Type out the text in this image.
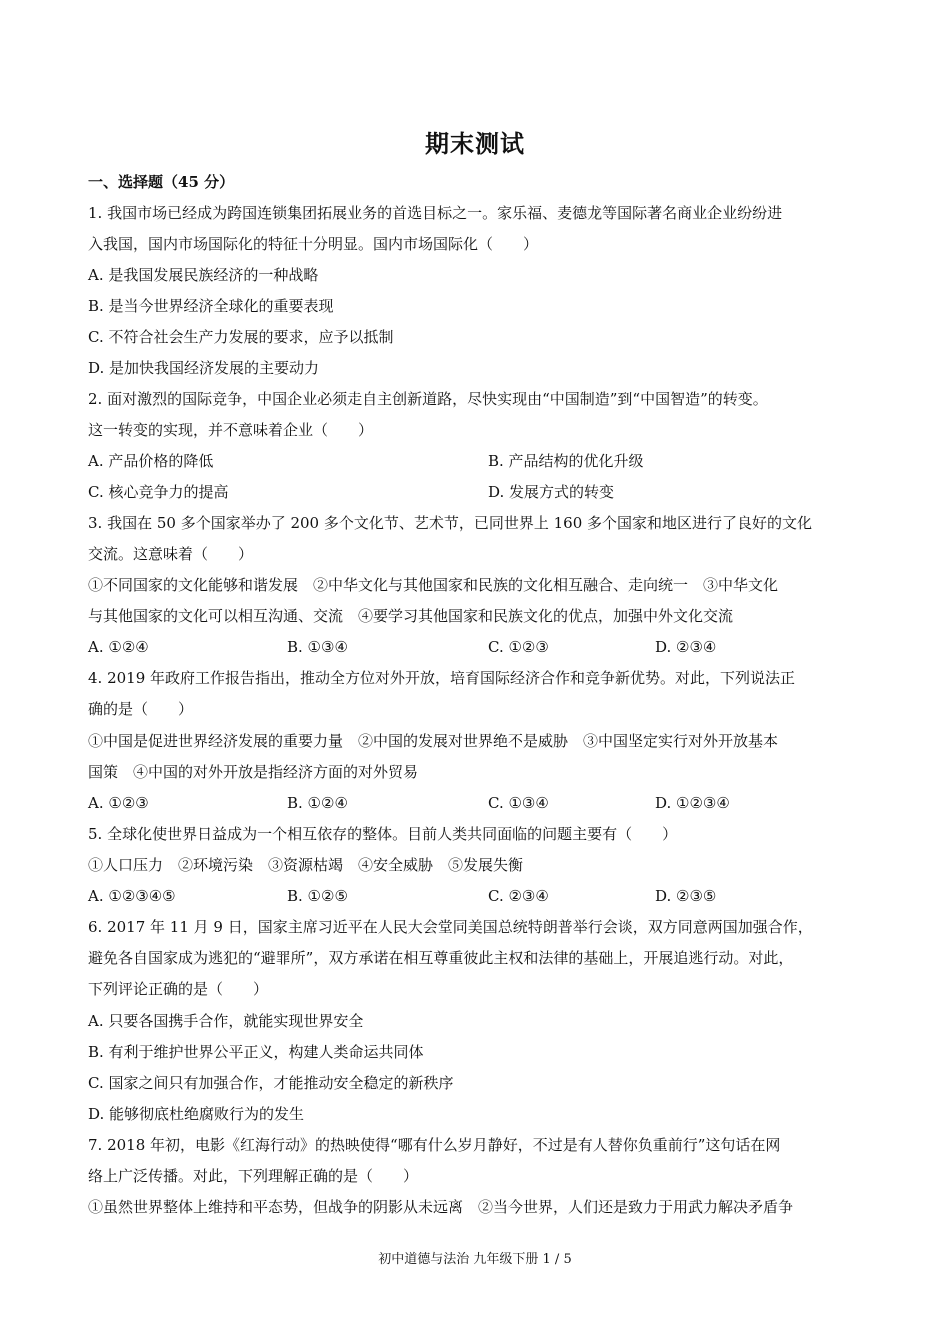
期末测试
一、选择题（45 分）
1. 我国市场已经成为跨国连锁集团拓展业务的首选目标之一。家乐福、麦德龙等国际著名商业企业纷纷进
入我国，国内市场国际化的特征十分明显。国内市场国际化（　　）
A. 是我国发展民族经济的一种战略
B. 是当今世界经济全球化的重要表现
C. 不符合社会生产力发展的要求，应予以抵制
D. 是加快我国经济发展的主要动力
2. 面对激烈的国际竞争，中国企业必须走自主创新道路，尽快实现由“中国制造”到“中国智造”的转变。
这一转变的实现，并不意味着企业（　　）
A. 产品价格的降低	B. 产品结构的优化升级
C. 核心竞争力的提高	D. 发展方式的转变
3. 我国在 50 多个国家举办了 200 多个文化节、艺术节，已同世界上 160 多个国家和地区进行了良好的文化
交流。这意味着（　　）
①不同国家的文化能够和谐发展　②中华文化与其他国家和民族的文化相互融合、走向统一　③中华文化
与其他国家的文化可以相互沟通、交流　④要学习其他国家和民族文化的优点，加强中外文化交流
A. ①②④	B. ①③④	C. ①②③	D. ②③④
4. 2019 年政府工作报告指出，推动全方位对外开放，培育国际经济合作和竞争新优势。对此，下列说法正
确的是（　　）
①中国是促进世界经济发展的重要力量　②中国的发展对世界绝不是威胁　③中国坚定实行对外开放基本
国策　④中国的对外开放是指经济方面的对外贸易
A. ①②③	B. ①②④	C. ①③④	D. ①②③④
5. 全球化使世界日益成为一个相互依存的整体。目前人类共同面临的问题主要有（　　）
①人口压力　②环境污染　③资源枯竭　④安全威胁　⑤发展失衡
A. ①②③④⑤	B. ①②⑤	C. ②③④	D. ②③⑤
6. 2017 年 11 月 9 日，国家主席习近平在人民大会堂同美国总统特朗普举行会谈，双方同意两国加强合作，
避免各自国家成为逃犯的“避罪所”，双方承诺在相互尊重彼此主权和法律的基础上，开展追逃行动。对此，
下列评论正确的是（　　）
A. 只要各国携手合作，就能实现世界安全
B. 有利于维护世界公平正义，构建人类命运共同体
C. 国家之间只有加强合作，才能推动安全稳定的新秩序
D. 能够彻底杜绝腐败行为的发生
7. 2018 年初，电影《红海行动》的热映使得“哪有什么岁月静好，不过是有人替你负重前行”这句话在网
络上广泛传播。对此，下列理解正确的是（　　）
①虽然世界整体上维持和平态势，但战争的阴影从未远离　②当今世界，人们还是致力于用武力解决矛盾争
初中道德与法治 九年级下册 1 / 5
